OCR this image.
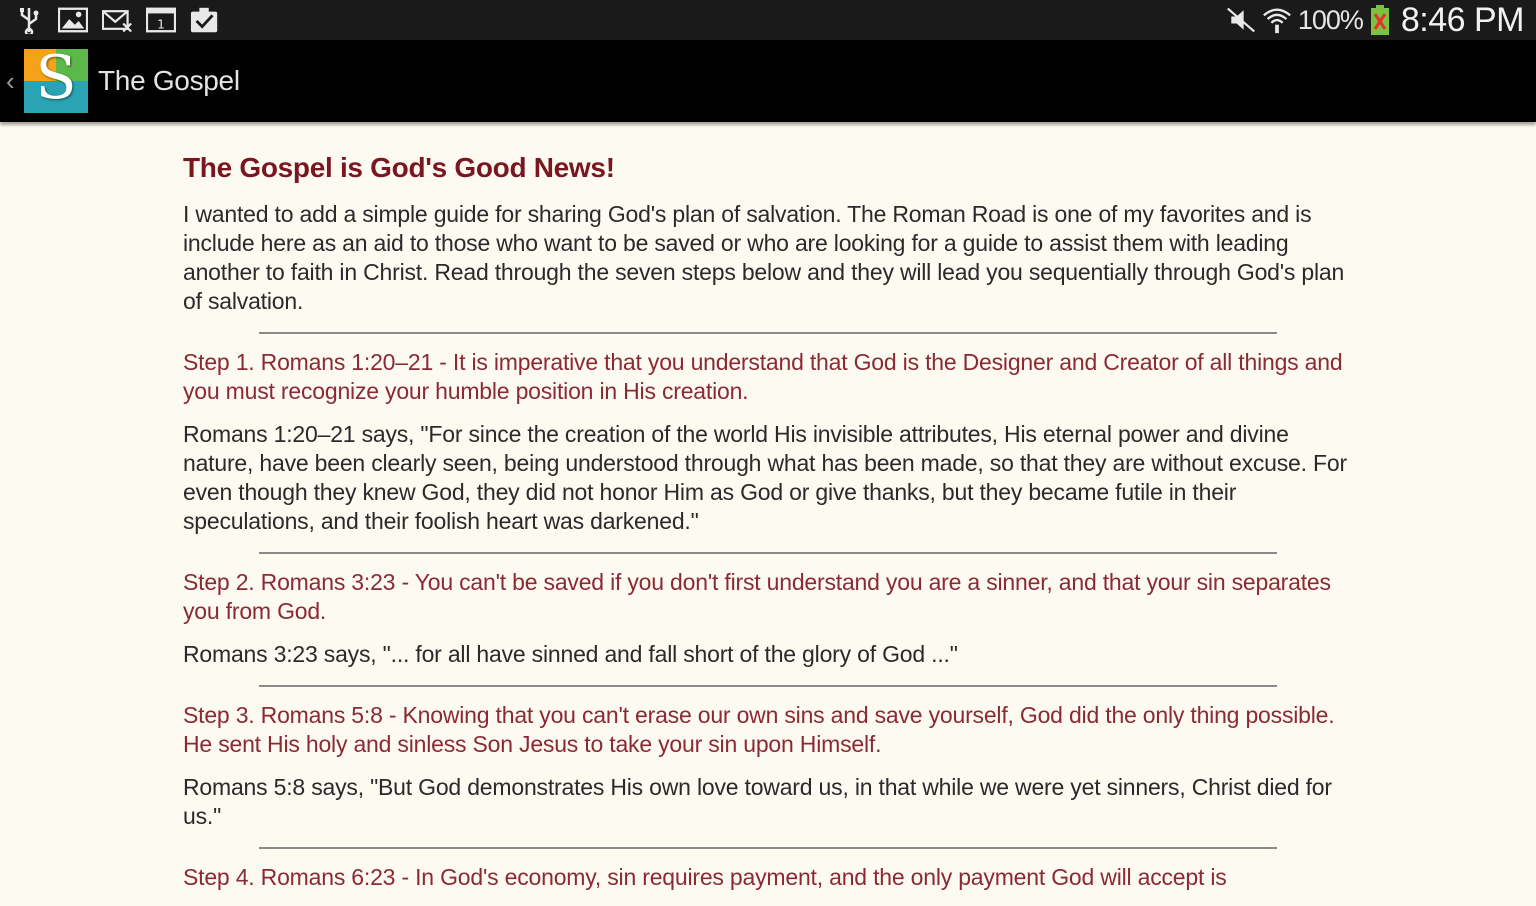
1	100% 8:46 PM
‹ S The Gospel
The Gospel is God's Good News!

I wanted to add a simple guide for sharing God's plan of salvation. The Roman Road is one of my favorites and is include here as an aid to those who want to be saved or who are looking for a guide to assist them with leading another to faith in Christ. Read through the seven steps below and they will lead you sequentially through God's plan of salvation.

Step 1. Romans 1:20–21 - It is imperative that you understand that God is the Designer and Creator of all things and you must recognize your humble position in His creation.

Romans 1:20–21 says, "For since the creation of the world His invisible attributes, His eternal power and divine nature, have been clearly seen, being understood through what has been made, so that they are without excuse. For even though they knew God, they did not honor Him as God or give thanks, but they became futile in their speculations, and their foolish heart was darkened."

Step 2. Romans 3:23 - You can't be saved if you don't first understand you are a sinner, and that your sin separates you from God.

Romans 3:23 says, "... for all have sinned and fall short of the glory of God ..."

Step 3. Romans 5:8 - Knowing that you can't erase our own sins and save yourself, God did the only thing possible. He sent His holy and sinless Son Jesus to take your sin upon Himself.

Romans 5:8 says, "But God demonstrates His own love toward us, in that while we were yet sinners, Christ died for us."

Step 4. Romans 6:23 - In God's economy, sin requires payment, and the only payment God will accept is
